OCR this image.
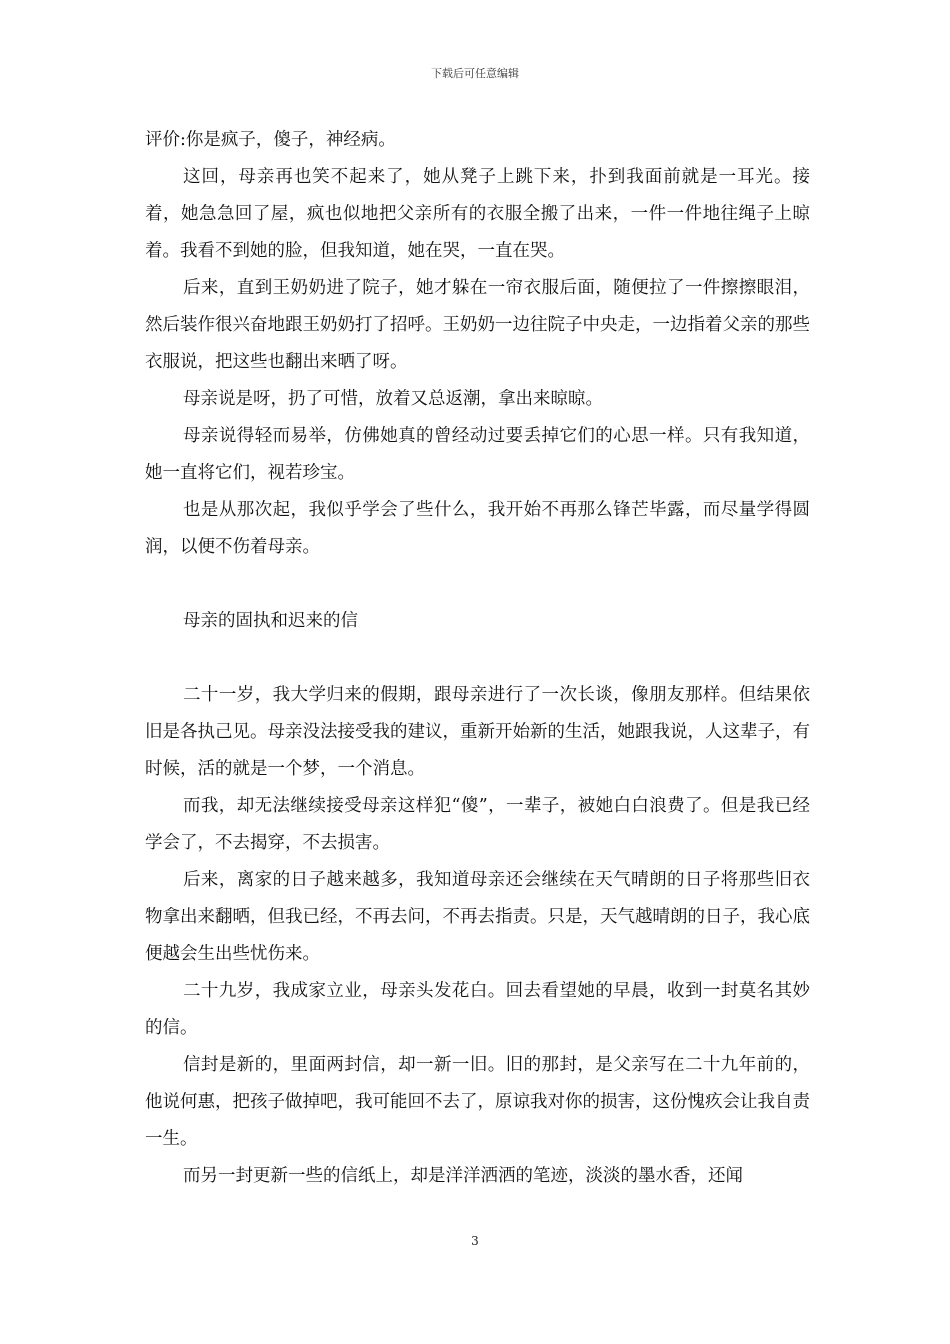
下载后可任意编辑

评价:你是疯子，傻子，神经病。

这回，母亲再也笑不起来了，她从凳子上跳下来，扑到我面前就是一耳光。接着，她急急回了屋，疯也似地把父亲所有的衣服全搬了出来，一件一件地往绳子上晾着。我看不到她的脸，但我知道，她在哭，一直在哭。

后来，直到王奶奶进了院子，她才躲在一帘衣服后面，随便拉了一件擦擦眼泪，然后装作很兴奋地跟王奶奶打了招呼。王奶奶一边往院子中央走，一边指着父亲的那些衣服说，把这些也翻出来晒了呀。

母亲说是呀，扔了可惜，放着又总返潮，拿出来晾晾。

母亲说得轻而易举，仿佛她真的曾经动过要丢掉它们的心思一样。只有我知道，她一直将它们，视若珍宝。

也是从那次起，我似乎学会了些什么，我开始不再那么锋芒毕露，而尽量学得圆润，以便不伤着母亲。

母亲的固执和迟来的信

二十一岁，我大学归来的假期，跟母亲进行了一次长谈，像朋友那样。但结果依旧是各执己见。母亲没法接受我的建议，重新开始新的生活，她跟我说，人这辈子，有时候，活的就是一个梦，一个消息。

而我，却无法继续接受母亲这样犯“傻”，一辈子，被她白白浪费了。但是我已经学会了，不去揭穿，不去损害。

后来，离家的日子越来越多，我知道母亲还会继续在天气晴朗的日子将那些旧衣物拿出来翻晒，但我已经，不再去问，不再去指责。只是，天气越晴朗的日子，我心底便越会生出些忧伤来。

二十九岁，我成家立业，母亲头发花白。回去看望她的早晨，收到一封莫名其妙的信。

信封是新的，里面两封信，却一新一旧。旧的那封，是父亲写在二十九年前的，他说何惠，把孩子做掉吧，我可能回不去了，原谅我对你的损害，这份愧疚会让我自责一生。

而另一封更新一些的信纸上，却是洋洋洒洒的笔迹，淡淡的墨水香，还闻

3
